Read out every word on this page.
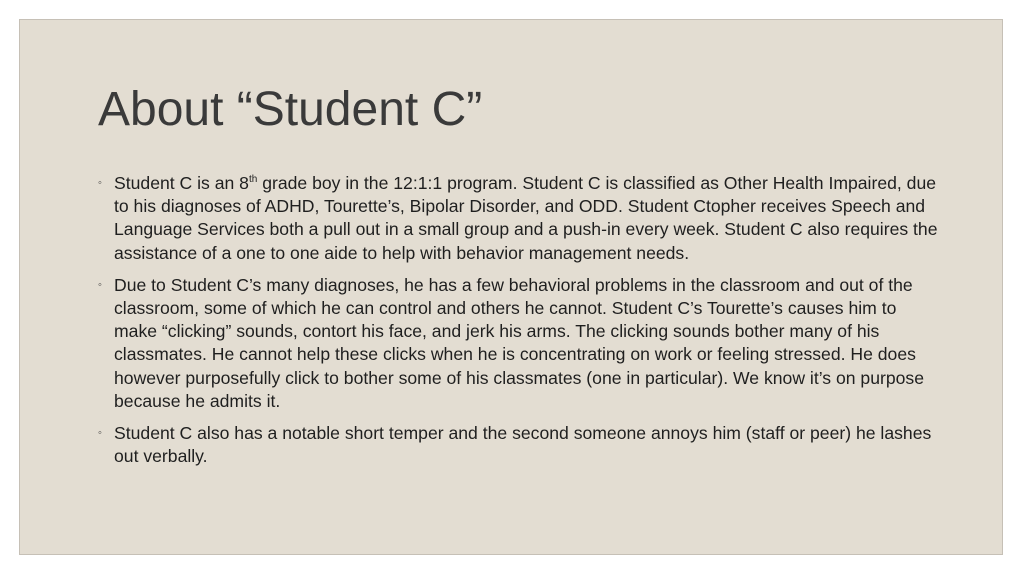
About “Student C”
◦ Student C is an 8th grade boy in the 12:1:1 program. Student C is classified as Other Health Impaired, due to his diagnoses of ADHD, Tourette’s, Bipolar Disorder, and ODD. Student Ctopher receives Speech and Language Services both a pull out in a small group and a push-in every week. Student C also requires the assistance of a one to one aide to help with behavior management needs.
◦ Due to Student C’s many diagnoses, he has a few behavioral problems in the classroom and out of the classroom, some of which he can control and others he cannot. Student C’s Tourette’s causes him to make “clicking” sounds, contort his face, and jerk his arms. The clicking sounds bother many of his classmates. He cannot help these clicks when he is concentrating on work or feeling stressed. He does however purposefully click to bother some of his classmates (one in particular). We know it’s on purpose because he admits it.
◦ Student C also has a notable short temper and the second someone annoys him (staff or peer) he lashes out verbally.
